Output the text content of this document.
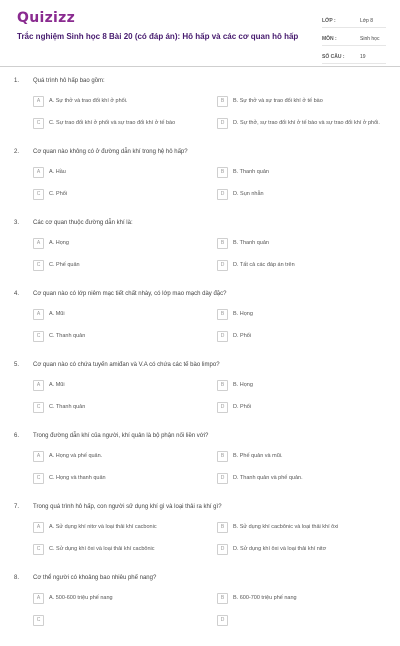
Quizizz
Trắc nghiệm Sinh học 8 Bài 20 (có đáp án): Hô hấp và các cơ quan hô hấp
LỚP :	Lớp 8
MÔN :	Sinh học
SỐ CÂU :	19
1. Quá trình hô hấp bao gồm:
A	A. Sự thở và trao đổi khí ở phổi.	B	B. Sự thở và sự trao đổi khí ở tế bào
C	C. Sự trao đổi khí ở phổi và sự trao đổi khí ở tế bào	D	D. Sự thở, sự trao đổi khí ở tế bào và sự trao đổi khí ở phổi.
2. Cơ quan nào không có ở đường dẫn khí trong hệ hô hấp?
A	A. Hầu	B	B. Thanh quản
C	C. Phổi	D	D. Sụn nhẫn
3. Các cơ quan thuộc đường dẫn khí là:
A	A. Họng	B	B. Thanh quản
C	C. Phế quản	D	D. Tất cả các đáp án trên
4. Cơ quan nào có lớp niêm mạc tiết chất nhày, có lớp mao mạch dày đặc?
A	A. Mũi	B	B. Họng
C	C. Thanh quản	D	D. Phổi
5. Cơ quan nào có chứa tuyến amiđan và V.A có chứa các tế bào limpo?
A	A. Mũi	B	B. Họng
C	C. Thanh quản	D	D. Phổi
6. Trong đường dẫn khí của người, khí quản là bộ phận nối liền với?
A	A. Họng và phế quản.	B	B. Phế quản và mũi.
C	C. Họng và thanh quản	D	D. Thanh quản và phế quản.
7. Trong quá trình hô hấp, con người sử dụng khí gì và loại thải ra khí gì?
A	A. Sử dụng khí nitơ và loại thải khí cacbonic	B	B. Sử dụng khí cacbônic và loại thải khí ôxi
C	C. Sử dụng khí ôxi và loại thải khí cacbônic	D	D. Sử dụng khí ôxi và loại thải khí nitơ
8. Cơ thể người có khoảng bao nhiêu phế nang?
A	A. 500-600 triệu phế nang	B	B. 600-700 triệu phế nang
C	D
